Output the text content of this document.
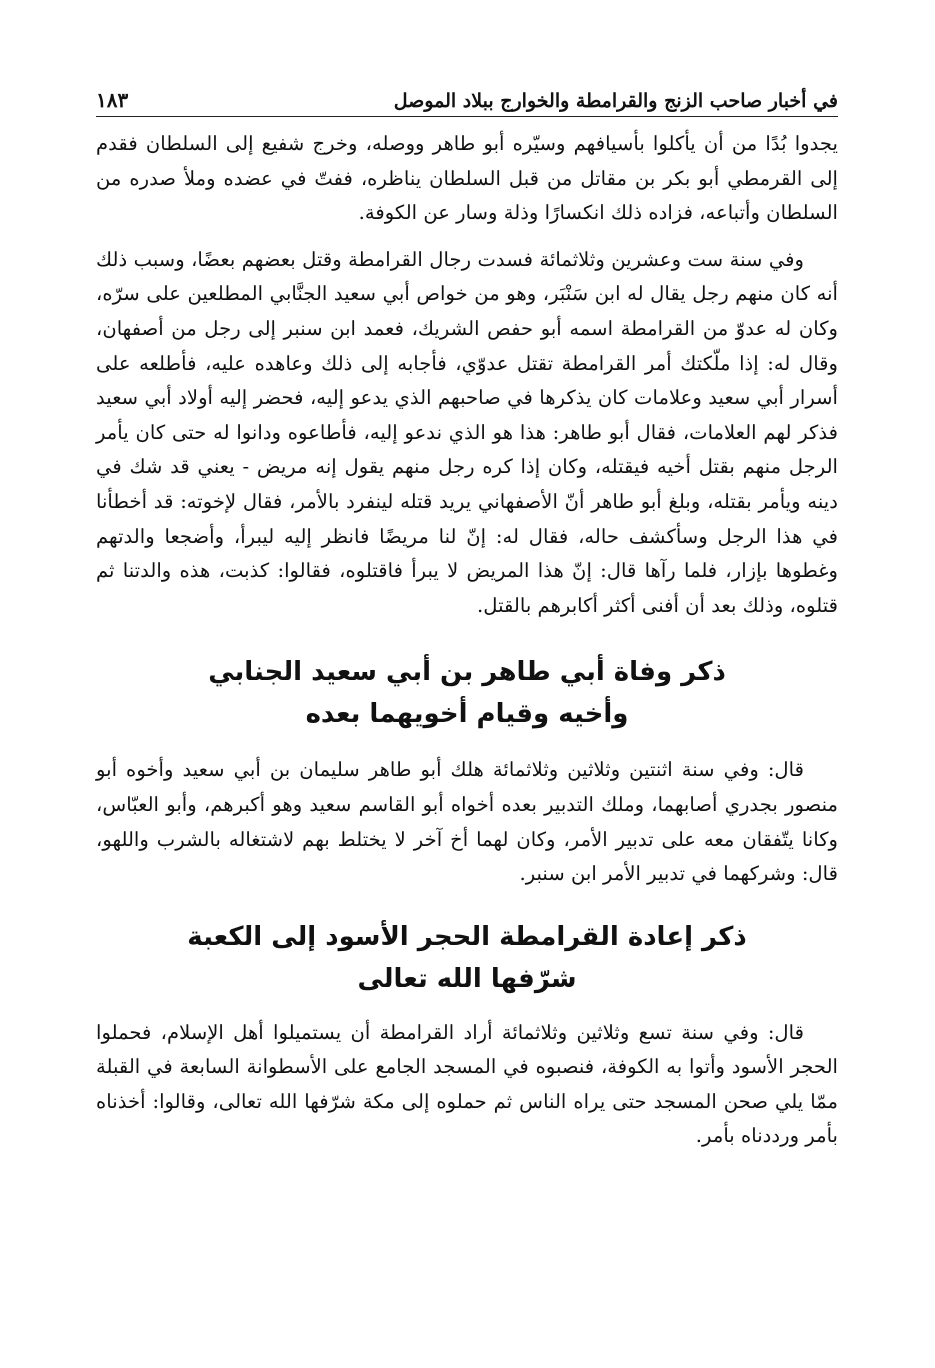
في أخبار صاحب الزنج والقرامطة والخوارج ببلاد الموصل
١٨٣

يجدوا بُدًا من أن يأكلوا بأسيافهم وسيّره أبو طاهر ووصله، وخرج شفيع إلى السلطان فقدم إلى القرمطي أبو بكر بن مقاتل من قبل السلطان يناظره، ففتّ في عضده وملأ صدره من السلطان وأتباعه، فزاده ذلك انكسارًا وذلة وسار عن الكوفة.

وفي سنة ست وعشرين وثلاثمائة فسدت رجال القرامطة وقتل بعضهم بعضًا، وسبب ذلك أنه كان منهم رجل يقال له ابن سَنْبَر، وهو من خواص أبي سعيد الجنَّابي المطلعين على سرّه، وكان له عدوّ من القرامطة اسمه أبو حفص الشريك، فعمد ابن سنبر إلى رجل من أصفهان، وقال له: إذا ملّكتك أمر القرامطة تقتل عدوّي، فأجابه إلى ذلك وعاهده عليه، فأطلعه على أسرار أبي سعيد وعلامات كان يذكرها في صاحبهم الذي يدعو إليه، فحضر إليه أولاد أبي سعيد فذكر لهم العلامات، فقال أبو طاهر: هذا هو الذي ندعو إليه، فأطاعوه ودانوا له حتى كان يأمر الرجل منهم بقتل أخيه فيقتله، وكان إذا كره رجل منهم يقول إنه مريض - يعني قد شك في دينه ويأمر بقتله، وبلغ أبو طاهر أنّ الأصفهاني يريد قتله لينفرد بالأمر، فقال لإخوته: قد أخطأنا في هذا الرجل وسأكشف حاله، فقال له: إنّ لنا مريضًا فانظر إليه ليبرأ، وأضجعا والدتهم وغطوها بإزار، فلما رآها قال: إنّ هذا المريض لا يبرأ فاقتلوه، فقالوا: كذبت، هذه والدتنا ثم قتلوه، وذلك بعد أن أفنى أكثر أكابرهم بالقتل.

ذكر وفاة أبي طاهر بن أبي سعيد الجنابي
وأخيه وقيام أخويهما بعده

قال: وفي سنة اثنتين وثلاثين وثلاثمائة هلك أبو طاهر سليمان بن أبي سعيد وأخوه أبو منصور بجدري أصابهما، وملك التدبير بعده أخواه أبو القاسم سعيد وهو أكبرهم، وأبو العبّاس، وكانا يتّفقان معه على تدبير الأمر، وكان لهما أخ آخر لا يختلط بهم لاشتغاله بالشرب واللهو، قال: وشركهما في تدبير الأمر ابن سنبر.

ذكر إعادة القرامطة الحجر الأسود إلى الكعبة
شرّفها الله تعالى

قال: وفي سنة تسع وثلاثين وثلاثمائة أراد القرامطة أن يستميلوا أهل الإسلام، فحملوا الحجر الأسود وأتوا به الكوفة، فنصبوه في المسجد الجامع على الأسطوانة السابعة في القبلة ممّا يلي صحن المسجد حتى يراه الناس ثم حملوه إلى مكة شرّفها الله تعالى، وقالوا: أخذناه بأمر ورددناه بأمر.
